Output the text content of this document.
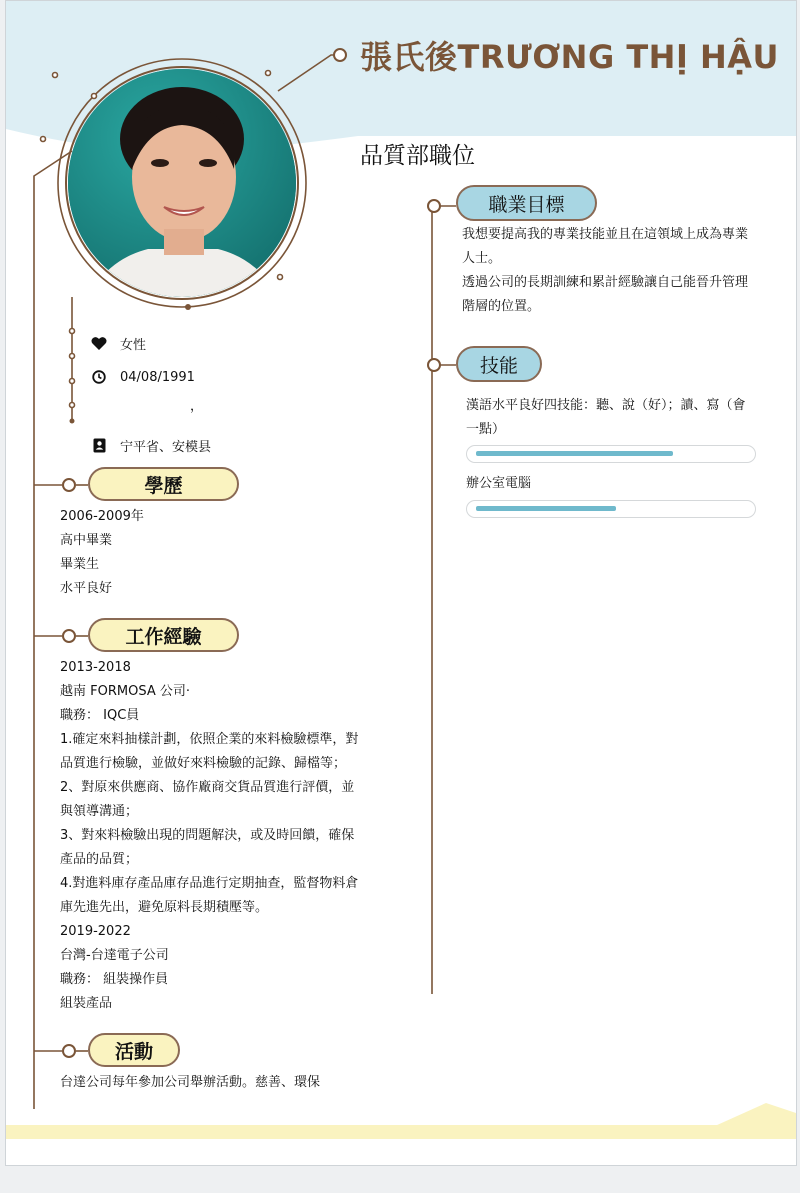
張氏後TRƯƠNG THỊ HẬU
品質部職位
女性
04/08/1991
，
宁平省、安模县
學歷
2006-2009年
高中畢業
畢業生
水平良好
工作經驗
2013-2018
越南 FORMOSA 公司·
職務： IQC員
1.確定來料抽樣計劃，依照企業的來料檢驗標準，對
品質進行檢驗，並做好來料檢驗的記錄、歸檔等；
2、對原來供應商、協作廠商交貨品質進行評價，並
與領導溝通；
3、對來料檢驗出現的問題解決，或及時回饋，確保
產品的品質；
4.對進料庫存產品庫存品進行定期抽查，監督物料倉
庫先進先出，避免原料長期積壓等。
2019-2022
台灣-台達電子公司
職務： 組裝操作員
組裝產品
活動
台達公司每年參加公司舉辦活動。慈善、環保
職業目標
我想要提高我的專業技能並且在這領域上成為專業
人士。
透過公司的長期訓練和累計經驗讓自己能晉升管理
階層的位置。
技能
漢語水平良好四技能：聽、說（好）；讀、寫（會
一點）
辦公室電腦
